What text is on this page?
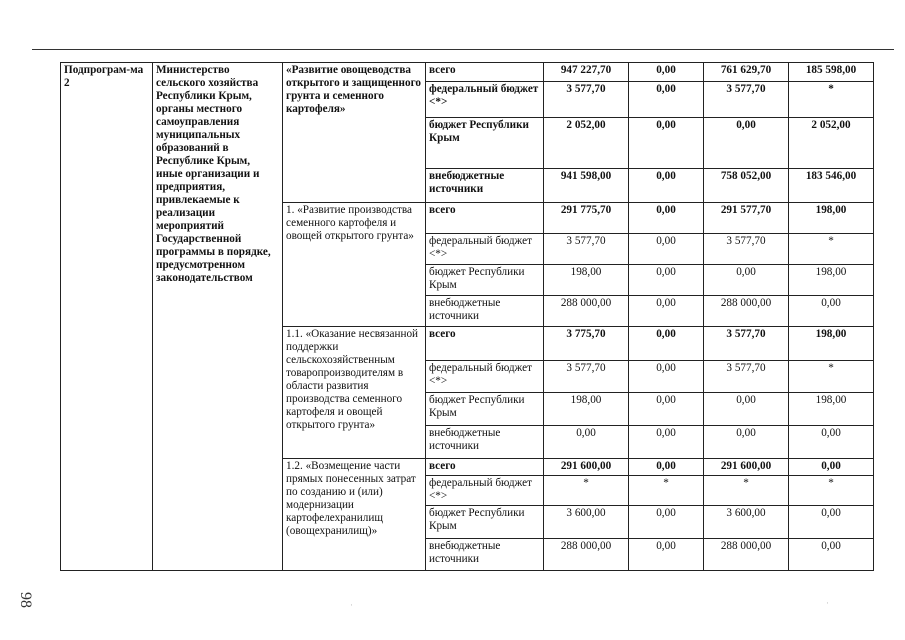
Подпрограм-ма 2	Министерство сельского хозяйства Республики Крым, органы местного самоуправления муниципальных образований в Республике Крым, иные организации и предприятия, привлекаемые к реализации мероприятий Государственной программы в порядке, предусмотренном законодательством	«Развитие овощеводства открытого и защищенного грунта и семенного картофеля»	всего	947 227,70	0,00	761 629,70	185 598,00
			федеральный бюджет <*>	3 577,70	0,00	3 577,70	*
			бюджет Республики Крым	2 052,00	0,00	0,00	2 052,00
			внебюджетные источники	941 598,00	0,00	758 052,00	183 546,00
		1. «Развитие производства семенного картофеля и овощей открытого грунта»	всего	291 775,70	0,00	291 577,70	198,00
			федеральный бюджет <*>	3 577,70	0,00	3 577,70	*
			бюджет Республики Крым	198,00	0,00	0,00	198,00
			внебюджетные источники	288 000,00	0,00	288 000,00	0,00
		1.1. «Оказание несвязанной поддержки сельскохозяйственным товаропроизводителям в области развития производства семенного картофеля и овощей открытого грунта»	всего	3 775,70	0,00	3 577,70	198,00
			федеральный бюджет <*>	3 577,70	0,00	3 577,70	*
			бюджет Республики Крым	198,00	0,00	0,00	198,00
			внебюджетные источники	0,00	0,00	0,00	0,00
		1.2. «Возмещение части прямых понесенных затрат по созданию и (или) модернизации картофелехранилищ (овощехранилищ)»	всего	291 600,00	0,00	291 600,00	0,00
			федеральный бюджет <*>	*	*	*	*
			бюджет Республики Крым	3 600,00	0,00	3 600,00	0,00
			внебюджетные источники	288 000,00	0,00	288 000,00	0,00
98	·	·
